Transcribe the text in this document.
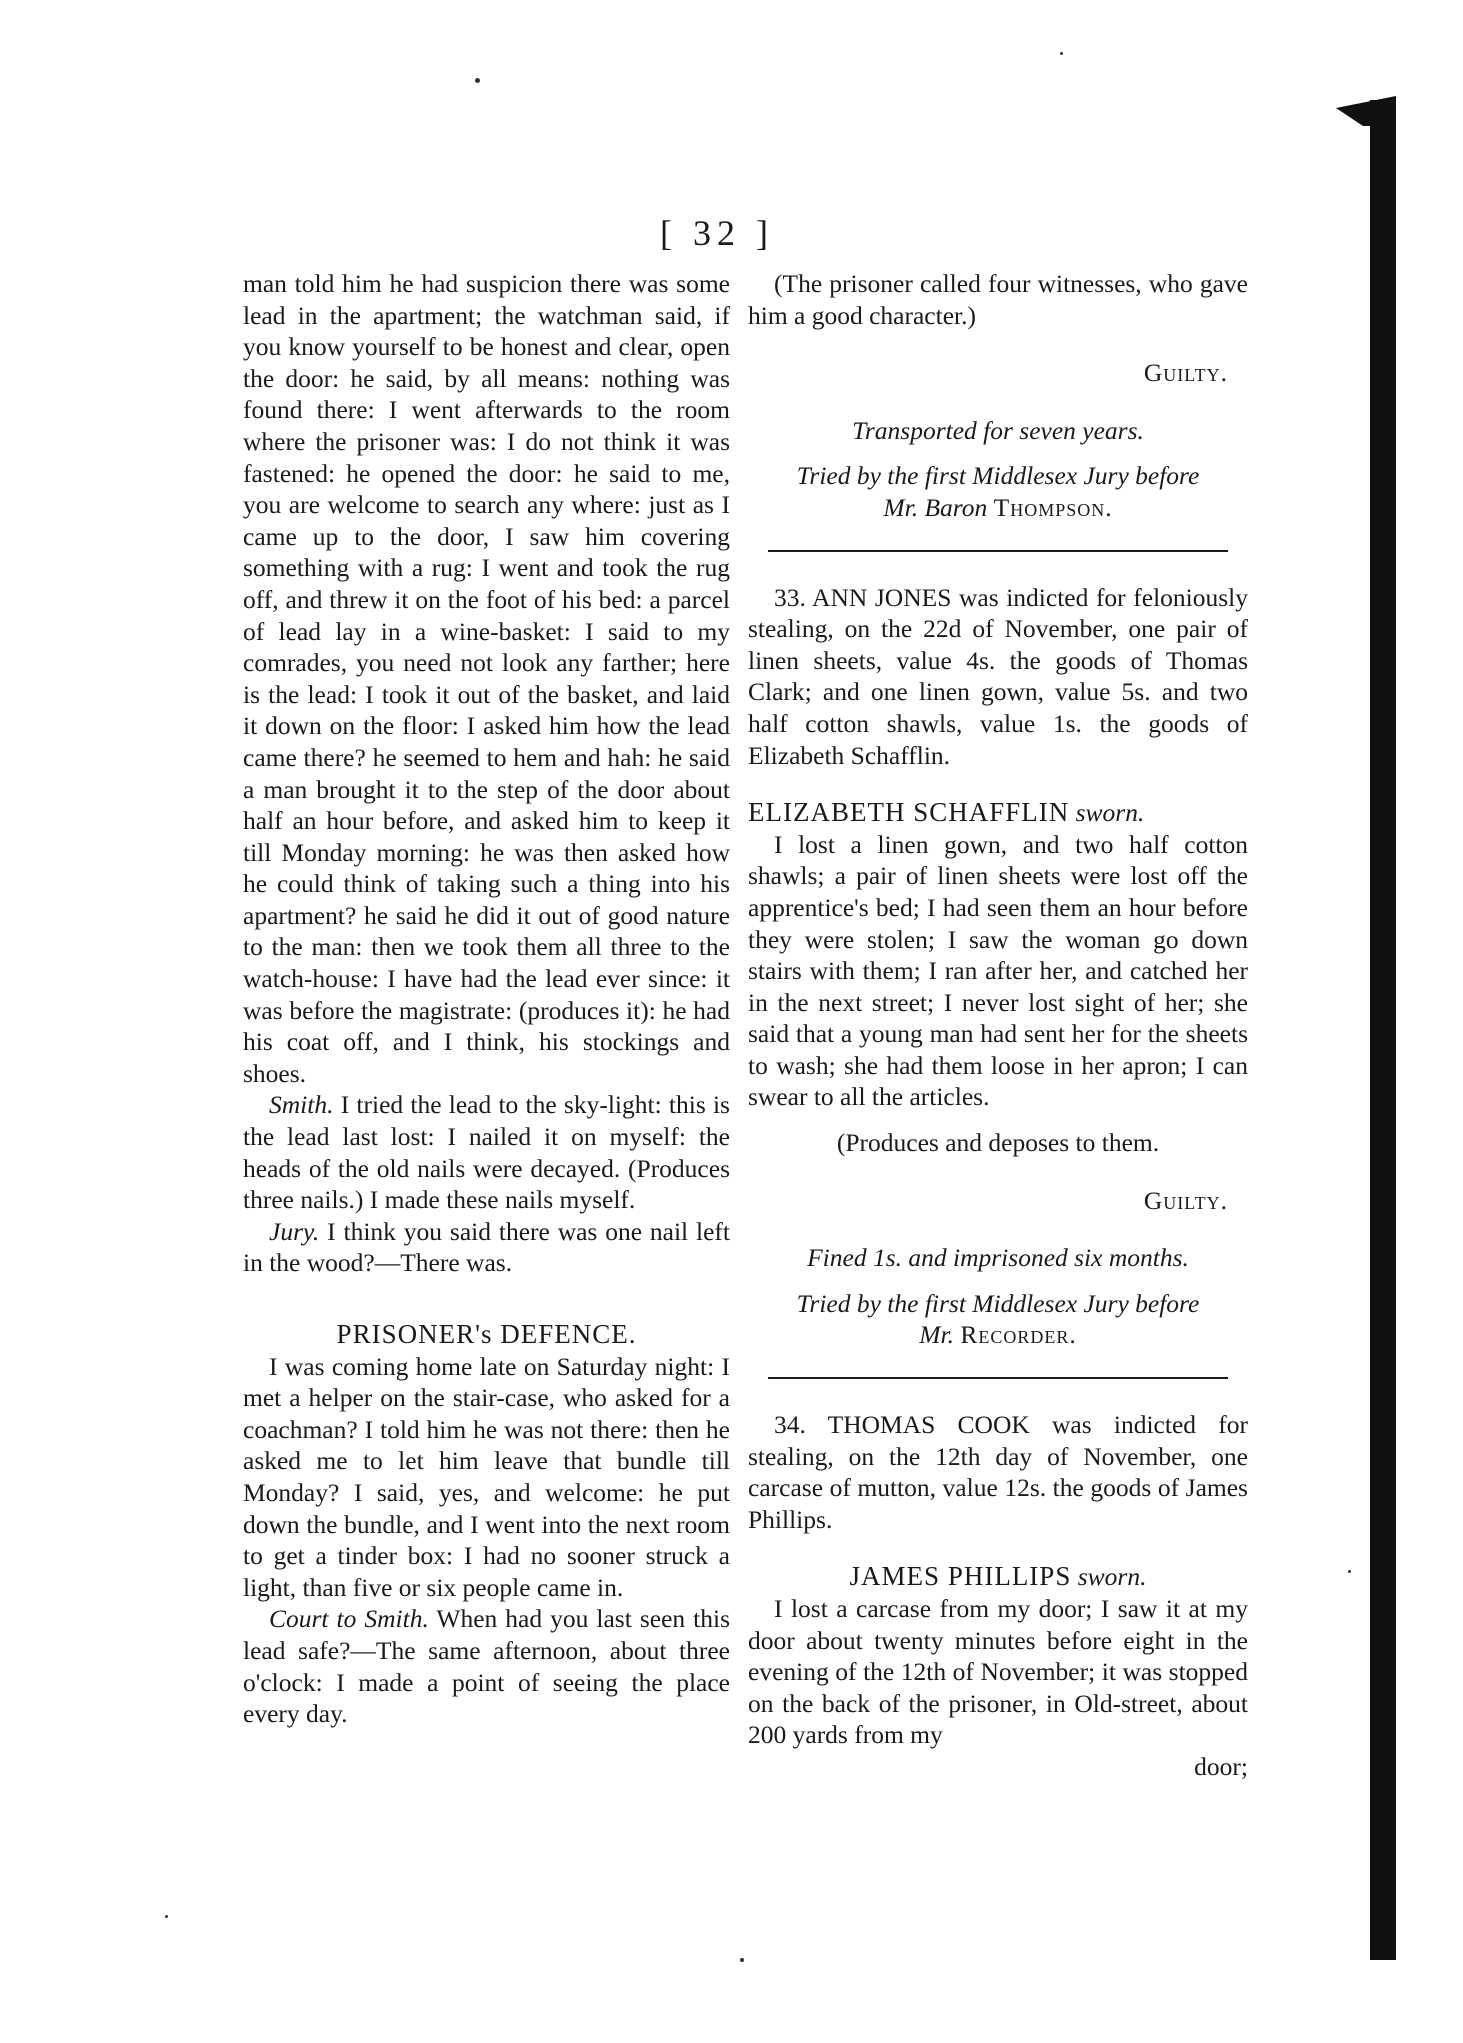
[ 32 ]

man told him he had suspicion there was some lead in the apartment; the watchman said, if you know yourself to be honest and clear, open the door: he said, by all means: nothing was found there: I went afterwards to the room where the prisoner was: I do not think it was fastened: he opened the door: he said to me, you are welcome to search any where: just as I came up to the door, I saw him covering something with a rug: I went and took the rug off, and threw it on the foot of his bed: a parcel of lead lay in a wine-basket: I said to my comrades, you need not look any farther; here is the lead: I took it out of the basket, and laid it down on the floor: I asked him how the lead came there? he seemed to hem and hah: he said a man brought it to the step of the door about half an hour before, and asked him to keep it till Monday morning: he was then asked how he could think of taking such a thing into his apartment? he said he did it out of good nature to the man: then we took them all three to the watch-house: I have had the lead ever since: it was before the magistrate: (produces it): he had his coat off, and I think, his stockings and shoes.

Smith. I tried the lead to the sky-light: this is the lead last lost: I nailed it on myself: the heads of the old nails were decayed. (Produces three nails.) I made these nails myself.

Jury. I think you said there was one nail left in the wood?—There was.

PRISONER's DEFENCE.

I was coming home late on Saturday night: I met a helper on the stair-case, who asked for a coachman? I told him he was not there: then he asked me to let him leave that bundle till Monday? I said, yes, and welcome: he put down the bundle, and I went into the next room to get a tinder box: I had no sooner struck a light, than five or six people came in.

Court to Smith. When had you last seen this lead safe?—The same afternoon, about three o'clock: I made a point of seeing the place every day.

(The prisoner called four witnesses, who gave him a good character.)

Guilty.
Transported for seven years.
Tried by the first Middlesex Jury before
Mr. Baron Thompson.

33. ANN JONES was indicted for feloniously stealing, on the 22d of November, one pair of linen sheets, value 4s. the goods of Thomas Clark; and one linen gown, value 5s. and two half cotton shawls, value 1s. the goods of Elizabeth Schafflin.

ELIZABETH SCHAFFLIN sworn.

I lost a linen gown, and two half cotton shawls; a pair of linen sheets were lost off the apprentice's bed; I had seen them an hour before they were stolen; I saw the woman go down stairs with them; I ran after her, and catched her in the next street; I never lost sight of her; she said that a young man had sent her for the sheets to wash; she had them loose in her apron; I can swear to all the articles.

(Produces and deposes to them.
Guilty.
Fined 1s. and imprisoned six months.
Tried by the first Middlesex Jury before
Mr. Recorder.

34. THOMAS COOK was indicted for stealing, on the 12th day of November, one carcase of mutton, value 12s. the goods of James Phillips.

JAMES PHILLIPS sworn.

I lost a carcase from my door; I saw it at my door about twenty minutes before eight in the evening of the 12th of November; it was stopped on the back of the prisoner, in Old-street, about 200 yards from my

door;
